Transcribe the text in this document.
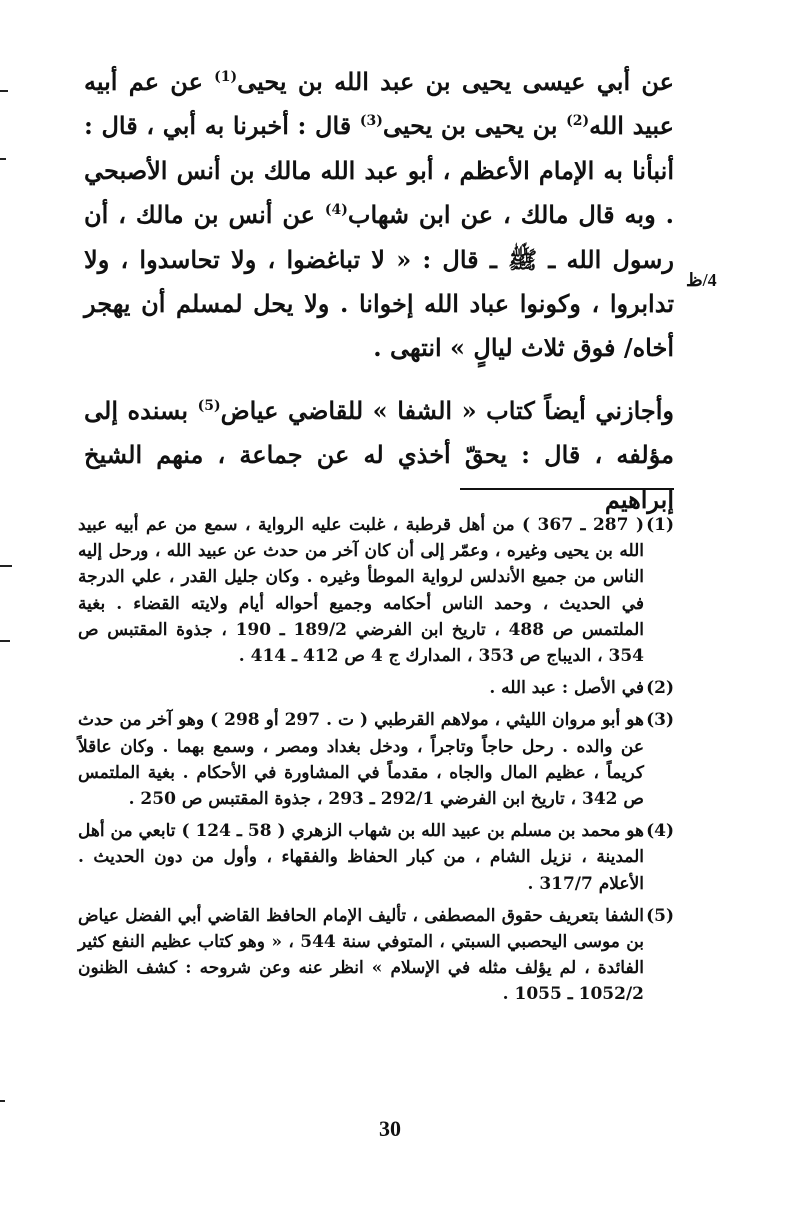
عن أبي عيسى يحيى بن عبد الله بن يحيى$^{(1)}$ عن عم أبيه عبيد الله$^{(2)}$ بن يحيى بن يحيى$^{(3)}$ قال : أخبرنا به أبي ، قال : أنبأنا به الإمام الأعظم ، أبو عبد الله مالك بن أنس الأصبحي . وبه قال مالك ، عن ابن شهاب$^{(4)}$ عن أنس بن مالك ، أن رسول الله ـ ﷺ ـ قال : « لا تباغضوا ، ولا تحاسدوا ، ولا تدابروا ، وكونوا عباد الله إخوانا . ولا يحل لمسلم أن يهجر أخاه/ فوق ثلاث ليالٍ » انتهى .

وأجازني أيضاً كتاب « الشفا » للقاضي عياض$^{(5)}$ بسنده إلى مؤلفه ، قال : يحقّ أخذي له عن جماعة ، منهم الشيخ إبراهيم

4/ظ
(1)
( 287 ـ 367 ) من أهل قرطبة ، غلبت عليه الرواية ، سمع من عم أبيه عبيد الله بن يحيى وغيره ، وعمّر إلى أن كان آخر من حدث عن عبيد الله ، ورحل إليه الناس من جميع الأندلس لرواية الموطأ وغيره . وكان جليل القدر ، علي الدرجة في الحديث ، وحمد الناس أحكامه وجميع أحواله أيام ولايته القضاء . بغية الملتمس ص 488 ، تاريخ ابن الفرضي 189/2 ـ 190 ، جذوة المقتبس ص 354 ، الديباج ص 353 ، المدارك ج 4 ص 412 ـ 414 .
(2)
في الأصل : عبد الله .
(3)
هو أبو مروان الليثي ، مولاهم القرطبي ( ت . 297 أو 298 ) وهو آخر من حدث عن والده . رحل حاجاً وتاجراً ، ودخل بغداد ومصر ، وسمع بهما . وكان عاقلاً كريماً ، عظيم المال والجاه ، مقدماً في المشاورة في الأحكام . بغية الملتمس ص 342 ، تاريخ ابن الفرضي 292/1 ـ 293 ، جذوة المقتبس ص 250 .
(4)
هو محمد بن مسلم بن عبيد الله بن شهاب الزهري ( 58 ـ 124 ) تابعي من أهل المدينة ، نزيل الشام ، من كبار الحفاظ والفقهاء ، وأول من دون الحديث . الأعلام 317/7 .
(5)
الشفا بتعريف حقوق المصطفى ، تأليف الإمام الحافظ القاضي أبي الفضل عياض بن موسى اليحصبي السبتي ، المتوفي سنة 544 ، « وهو كتاب عظيم النفع كثير الفائدة ، لم يؤلف مثله في الإسلام » انظر عنه وعن شروحه : كشف الظنون 1052/2 ـ 1055 .
30
